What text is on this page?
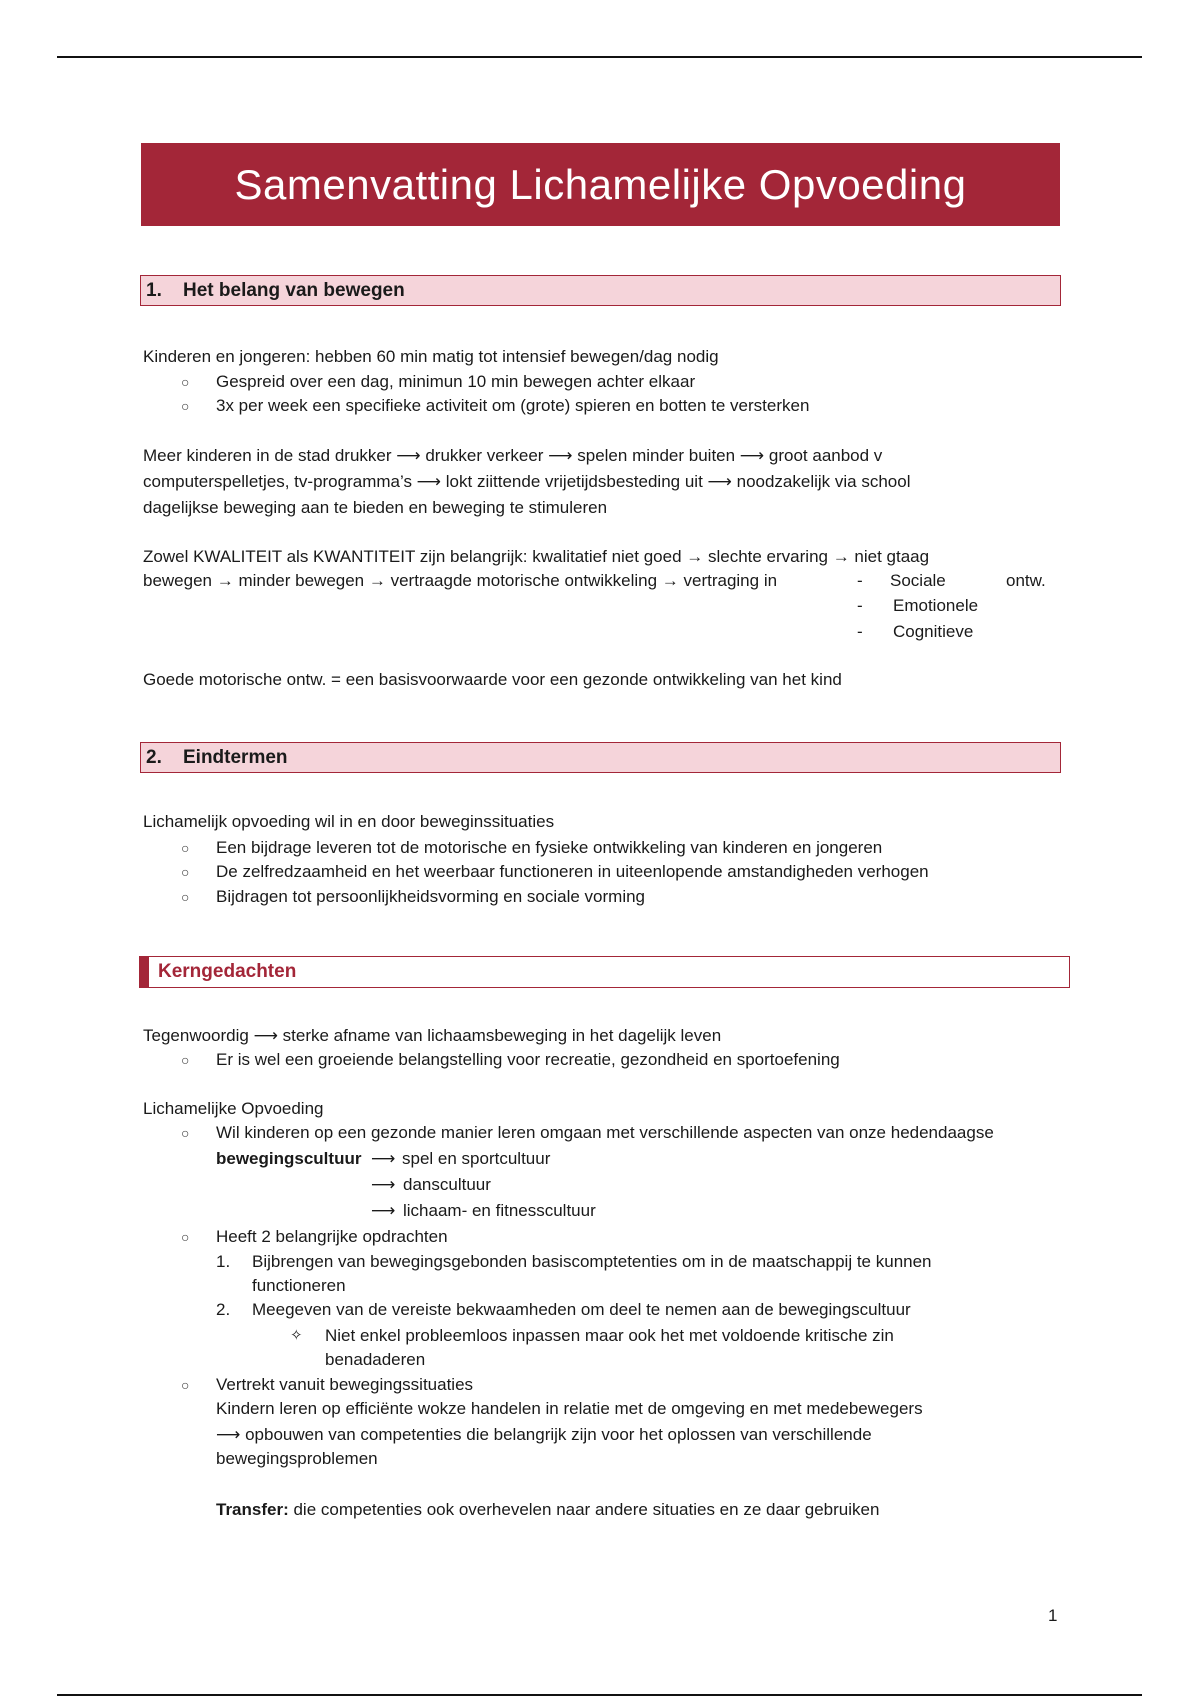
Samenvatting Lichamelijke Opvoeding
1.	Het belang van bewegen
Kinderen en jongeren: hebben 60 min matig tot intensief bewegen/dag nodig
○ Gespreid over een dag, minimun 10 min bewegen achter elkaar
○ 3x per week een specifieke activiteit om (grote) spieren en botten te versterken
Meer kinderen in de stad drukker ⟶ drukker verkeer ⟶ spelen minder buiten ⟶ groot aanbod v
computerspelletjes, tv-programma’s ⟶ lokt ziittende vrijetijdsbesteding uit ⟶ noodzakelijk via school
dagelijkse beweging aan te bieden en beweging te stimuleren
Zowel KWALITEIT als KWANTITEIT zijn belangrijk: kwalitatief niet goed → slechte ervaring → niet gtaag
bewegen → minder bewegen → vertraagde motorische ontwikkeling → vertraging in	- Sociale	ontw.
- Emotionele
- Cognitieve
Goede motorische ontw. = een basisvoorwaarde voor een gezonde ontwikkeling van het kind
2.	Eindtermen
Lichamelijk opvoeding wil in en door beweginssituaties
○ Een bijdrage leveren tot de motorische en fysieke ontwikkeling van kinderen en jongeren
○ De zelfredzaamheid en het weerbaar functioneren in uiteenlopende amstandigheden verhogen
○ Bijdragen tot persoonlijkheidsvorming en sociale vorming
Kerngedachten
Tegenwoordig ⟶ sterke afname van lichaamsbeweging in het dagelijk leven
○ Er is wel een groeiende belangstelling voor recreatie, gezondheid en sportoefening
Lichamelijke Opvoeding
○ Wil kinderen op een gezonde manier leren omgaan met verschillende aspecten van onze hedendaagse
bewegingscultuur ⟶ spel en sportcultuur
⟶ danscultuur
⟶ lichaam- en fitnesscultuur
○ Heeft 2 belangrijke opdrachten
1. Bijbrengen van bewegingsgebonden basiscomptetenties om in de maatschappij te kunnen
functioneren
2. Meegeven van de vereiste bekwaamheden om deel te nemen aan de bewegingscultuur
✧ Niet enkel probleemloos inpassen maar ook het met voldoende kritische zin
benadaderen
○ Vertrekt vanuit bewegingssituaties
Kindern leren op efficiënte wokze handelen in relatie met de omgeving en met medebewegers
⟶ opbouwen van competenties die belangrijk zijn voor het oplossen van verschillende
bewegingsproblemen
Transfer: die competenties ook overhevelen naar andere situaties en ze daar gebruiken
1
